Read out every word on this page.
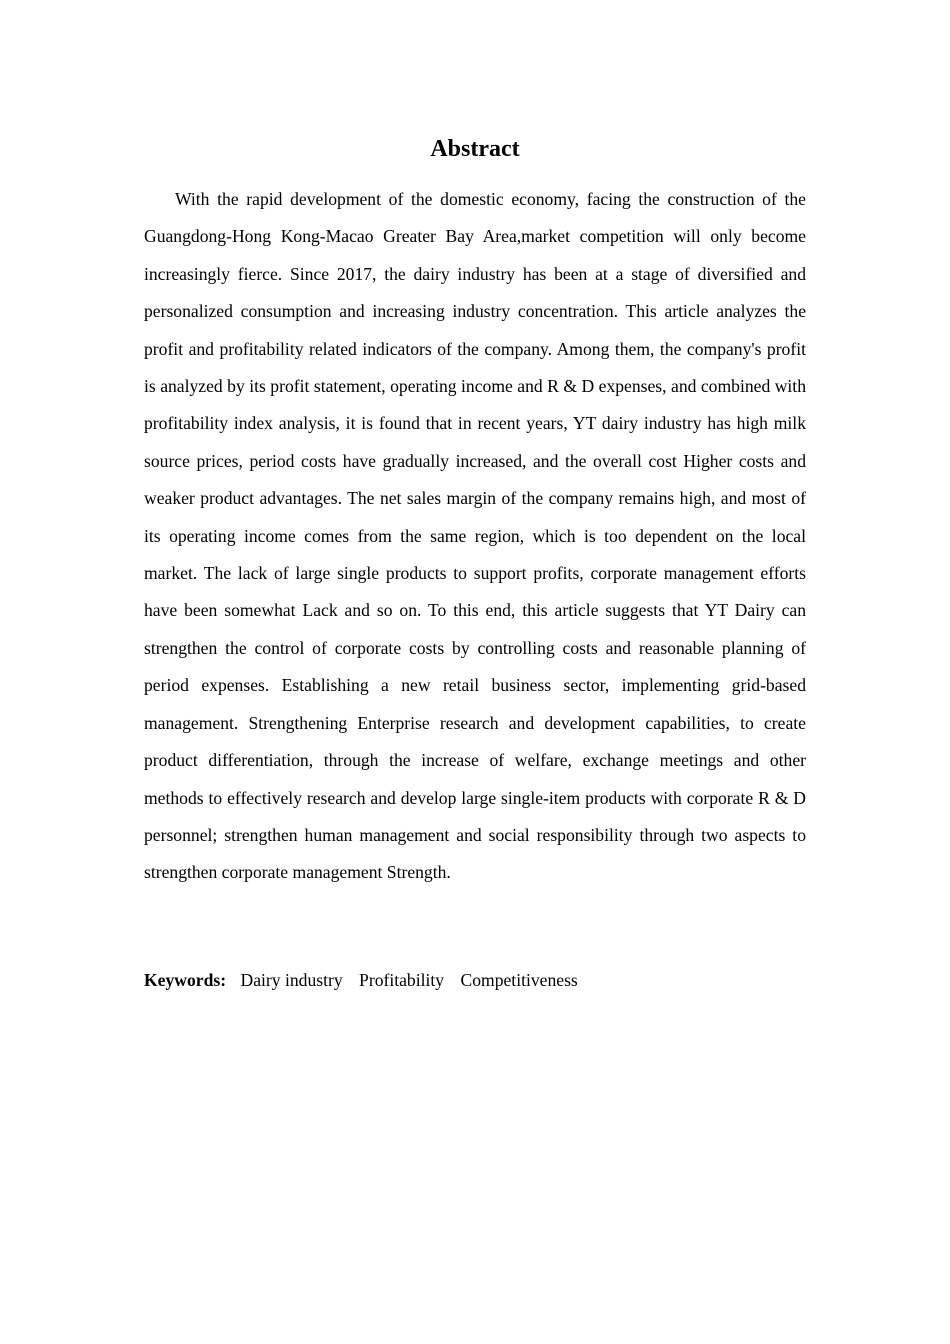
Abstract

With the rapid development of the domestic economy, facing the construction of the Guangdong-Hong Kong-Macao Greater Bay Area,market competition will only become increasingly fierce. Since 2017, the dairy industry has been at a stage of diversified and personalized consumption and increasing industry concentration. This article analyzes the profit and profitability related indicators of the company. Among them, the company's profit is analyzed by its profit statement, operating income and R & D expenses, and combined with profitability index analysis, it is found that in recent years, YT dairy industry has high milk source prices, period costs have gradually increased, and the overall cost Higher costs and weaker product advantages. The net sales margin of the company remains high, and most of its operating income comes from the same region, which is too dependent on the local market. The lack of large single products to support profits, corporate management efforts have been somewhat Lack and so on. To this end, this article suggests that YT Dairy can strengthen the control of corporate costs by controlling costs and reasonable planning of period expenses. Establishing a new retail business sector, implementing grid-based management. Strengthening Enterprise research and development capabilities, to create product differentiation, through the increase of welfare, exchange meetings and other methods to effectively research and develop large single-item products with corporate R & D personnel; strengthen human management and social responsibility through two aspects to strengthen corporate management Strength.

Keywords: Dairy industry Profitability Competitiveness
